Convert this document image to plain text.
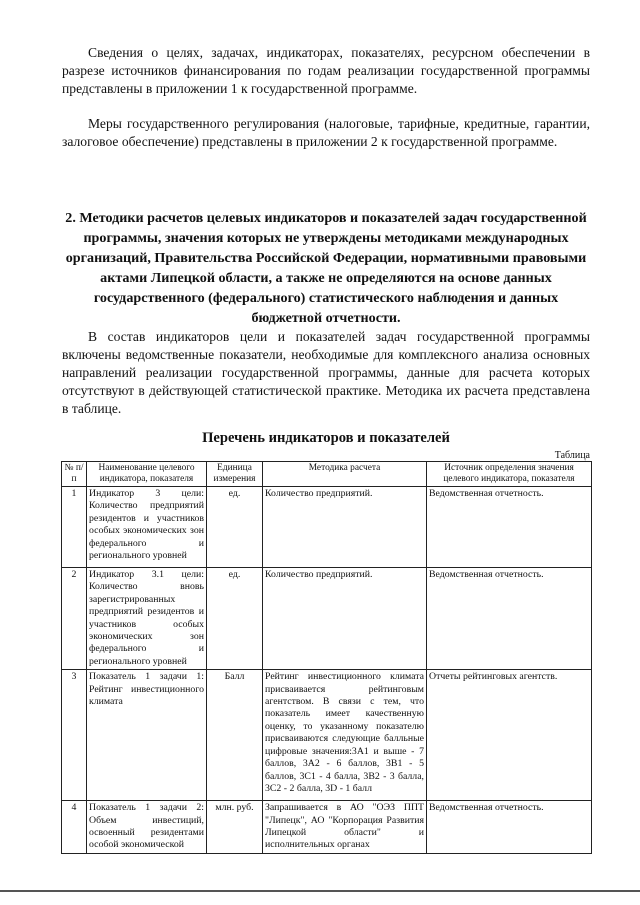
Сведения о целях, задачах, индикаторах, показателях, ресурсном обеспечении в разрезе источников финансирования по годам реализации государственной программы представлены в приложении 1 к государственной программе.

Меры государственного регулирования (налоговые, тарифные, кредитные, гарантии, залоговое обеспечение) представлены в приложении 2 к государственной программе.

2. Методики расчетов целевых индикаторов и показателей задач государственной программы, значения которых не утверждены методиками международных организаций, Правительства Российской Федерации, нормативными правовыми актами Липецкой области, а также не определяются на основе данных государственного (федерального) статистического наблюдения и данных бюджетной отчетности.

В состав индикаторов цели и показателей задач государственной программы включены ведомственные показатели, необходимые для комплексного анализа основных направлений реализации государственной программы, данные для расчета которых отсутствуют в действующей статистической практике. Методика их расчета представлена в таблице.

Перечень индикаторов и показателей
Таблица
№ п/п	Наименование целевого индикатора, показателя	Единица измерения	Методика расчета	Источник определения значения целевого индикатора, показателя
1	Индикатор 3 цели: Количество предприятий резидентов и участников особых экономических зон федерального и регионального уровней	ед.	Количество предприятий.	Ведомственная отчетность.
2	Индикатор 3.1 цели: Количество вновь зарегистрированных предприятий резидентов и участников особых экономических зон федерального и регионального уровней	ед.	Количество предприятий.	Ведомственная отчетность.
3	Показатель 1 задачи 1: Рейтинг инвестиционного климата	Балл	Рейтинг инвестиционного климата присваивается рейтинговым агентством. В связи с тем, что показатель имеет качественную оценку, то указанному показателю присваиваются следующие балльные цифровые значения:3А1 и выше - 7 баллов, 3А2 - 6 баллов, 3В1 - 5 баллов, 3С1 - 4 балла, 3В2 - 3 балла, 3С2 - 2 балла, 3D - 1 балл	Отчеты рейтинговых агентств.
4	Показатель 1 задачи 2: Объем инвестиций, освоенный резидентами особой экономической	млн. руб.	Запрашивается в АО "ОЭЗ ППТ "Липецк", АО "Корпорация Развития Липецкой области" и исполнительных органах	Ведомственная отчетность.
